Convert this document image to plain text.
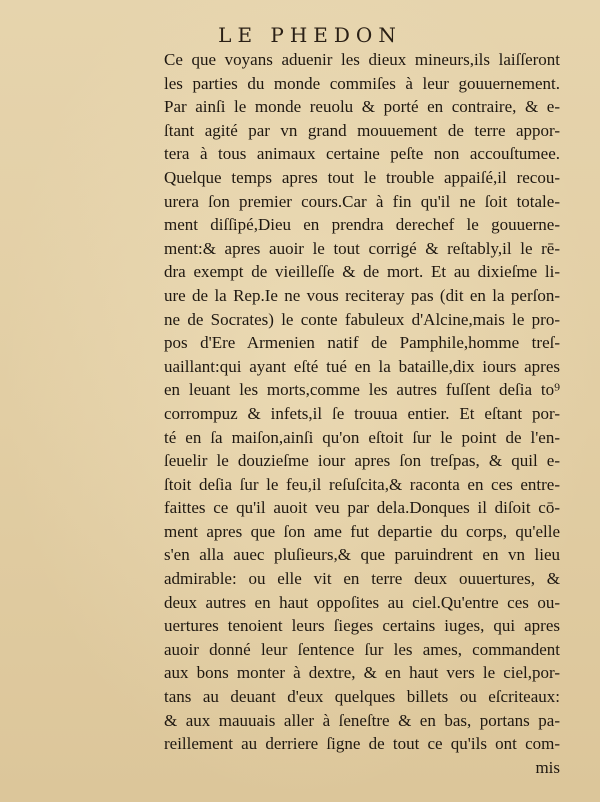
LE PHEDON
Ce que voyans aduenir les dieux mineurs,ils laiſſeront
les parties du monde commiſes à leur gouuernement.
Par ainſi le monde reuolu & porté en contraire, & e-
ſtant agité par vn grand mouuement de terre appor-
tera à tous animaux certaine peſte non accouſtumee.
Quelque temps apres tout le trouble appaiſé,il recou-
urera ſon premier cours.Car à fin qu'il ne ſoit totale-
ment diſſipé,Dieu en prendra derechef le gouuerne-
ment:& apres auoir le tout corrigé & reſtably,il le rē-
dra exempt de vieilleſſe & de mort. Et au dixieſme li-
ure de la Rep.Ie ne vous reciteray pas (dit en la perſon-
ne de Socrates) le conte fabuleux d'Alcine,mais le pro-
pos d'Ere Armenien natif de Pamphile,homme treſ-
uaillant:qui ayant eſté tué en la bataille,dix iours apres
en leuant les morts,comme les autres fuſſent deſia to⁹
corrompuz & infets,il ſe trouua entier. Et eſtant por-
té en ſa maiſon,ainſi qu'on eſtoit ſur le point de l'en-
ſeuelir le douzieſme iour apres ſon treſpas, & quil e-
ſtoit deſia ſur le feu,il reſuſcita,& raconta en ces entre-
faittes ce qu'il auoit veu par dela.Donques il diſoit cō-
ment apres que ſon ame fut departie du corps, qu'elle
s'en alla auec pluſieurs,& que paruindrent en vn lieu
admirable: ou elle vit en terre deux ouuertures, &
deux autres en haut oppoſites au ciel.Qu'entre ces ou-
uertures tenoient leurs ſieges certains iuges, qui apres
auoir donné leur ſentence ſur les ames, commandent
aux bons monter à dextre, & en haut vers le ciel,por-
tans au deuant d'eux quelques billets ou eſcriteaux:
& aux mauuais aller à ſeneſtre & en bas, portans pa-
reillement au derriere ſigne de tout ce qu'ils ont com-
mis
